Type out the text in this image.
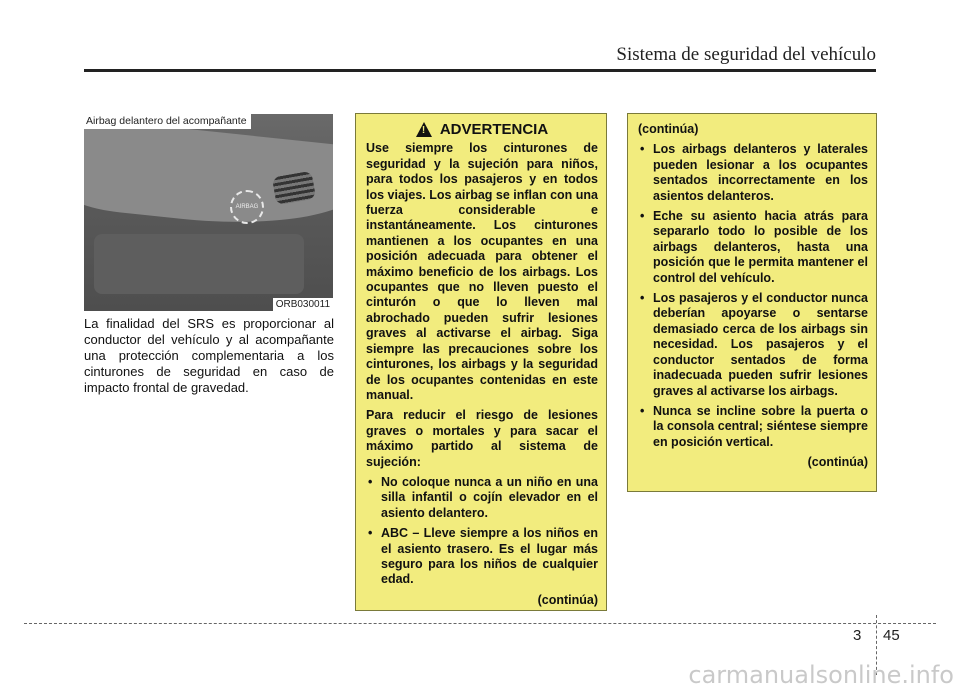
Sistema de seguridad del vehículo
AIRBAG
Airbag delantero del acompañante
ORB030011
La finalidad del SRS es proporcionar al conductor del vehículo y al acompañante una protección complementaria a los cinturones de seguridad en caso de impacto frontal de gravedad.
! ADVERTENCIA

Use siempre los cinturones de seguridad y la sujeción para niños, para todos los pasajeros y en todos los viajes. Los airbag se inflan con una fuerza considerable e instantáneamente. Los cinturones mantienen a los ocupantes en una posición adecuada para obtener el máximo beneficio de los airbags. Los ocupantes que no lleven puesto el cinturón o que lo lleven mal abrochado pueden sufrir lesiones graves al activarse el airbag. Siga siempre las precauciones sobre los cinturones, los airbags y la seguridad de los ocupantes contenidas en este manual.

Para reducir el riesgo de lesiones graves o mortales y para sacar el máximo partido al sistema de sujeción:

• No coloque nunca a un niño en una silla infantil o cojín elevador en el asiento delantero.
• ABC – Lleve siempre a los niños en el asiento trasero. Es el lugar más seguro para los niños de cualquier edad.
(continúa)

(continúa)

• Los airbags delanteros y laterales pueden lesionar a los ocupantes sentados incorrectamente en los asientos delanteros.
• Eche su asiento hacia atrás para separarlo todo lo posible de los airbags delanteros, hasta una posición que le permita mantener el control del vehículo.
• Los pasajeros y el conductor nunca deberían apoyarse o sentarse demasiado cerca de los airbags sin necesidad. Los pasajeros y el conductor sentados de forma inadecuada pueden sufrir lesiones graves al activarse los airbags.
• Nunca se incline sobre la puerta o la consola central; siéntese siempre en posición vertical.
(continúa)
3 45
carmanualsonline.info
